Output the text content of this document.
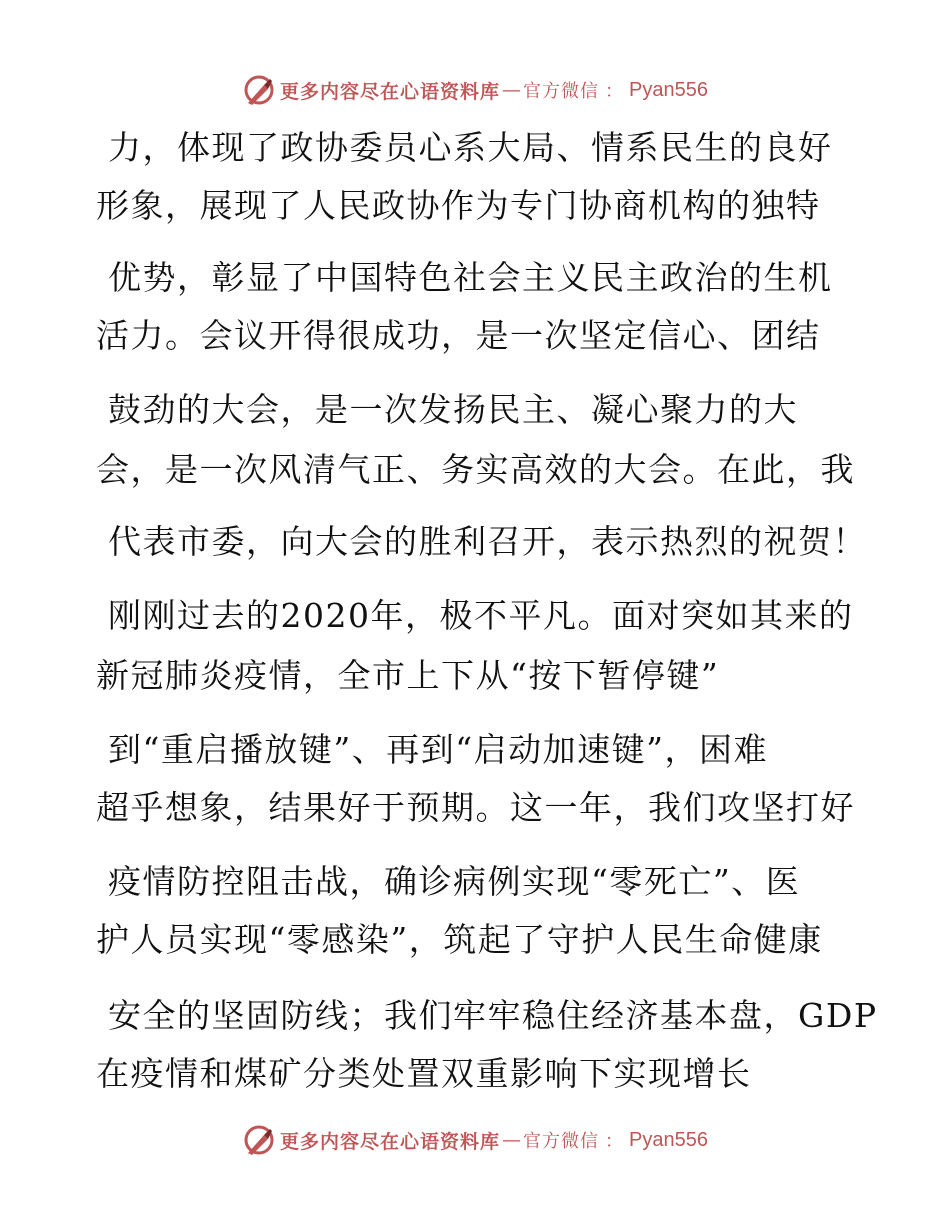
更多内容尽在心语资料库 — 官方微信 ： Pyan556
力，体现了政协委员心系大局、情系民生的良好
形象，展现了人民政协作为专门协商机构的独特
优势，彰显了中国特色社会主义民主政治的生机
活力。会议开得很成功，是一次坚定信心、团结
鼓劲的大会，是一次发扬民主、凝心聚力的大
会，是一次风清气正、务实高效的大会。在此，我
代表市委，向大会的胜利召开，表示热烈的祝贺！
刚刚过去的2020年，极不平凡。面对突如其来的
新冠肺炎疫情，全市上下从“按下暂停键”
到“重启播放键”、再到“启动加速键”，困难
超乎想象，结果好于预期。这一年，我们攻坚打好
疫情防控阻击战，确诊病例实现“零死亡”、医
护人员实现“零感染”，筑起了守护人民生命健康
安全的坚固防线；我们牢牢稳住经济基本盘，GDP
在疫情和煤矿分类处置双重影响下实现增长
更多内容尽在心语资料库 — 官方微信 ： Pyan556
